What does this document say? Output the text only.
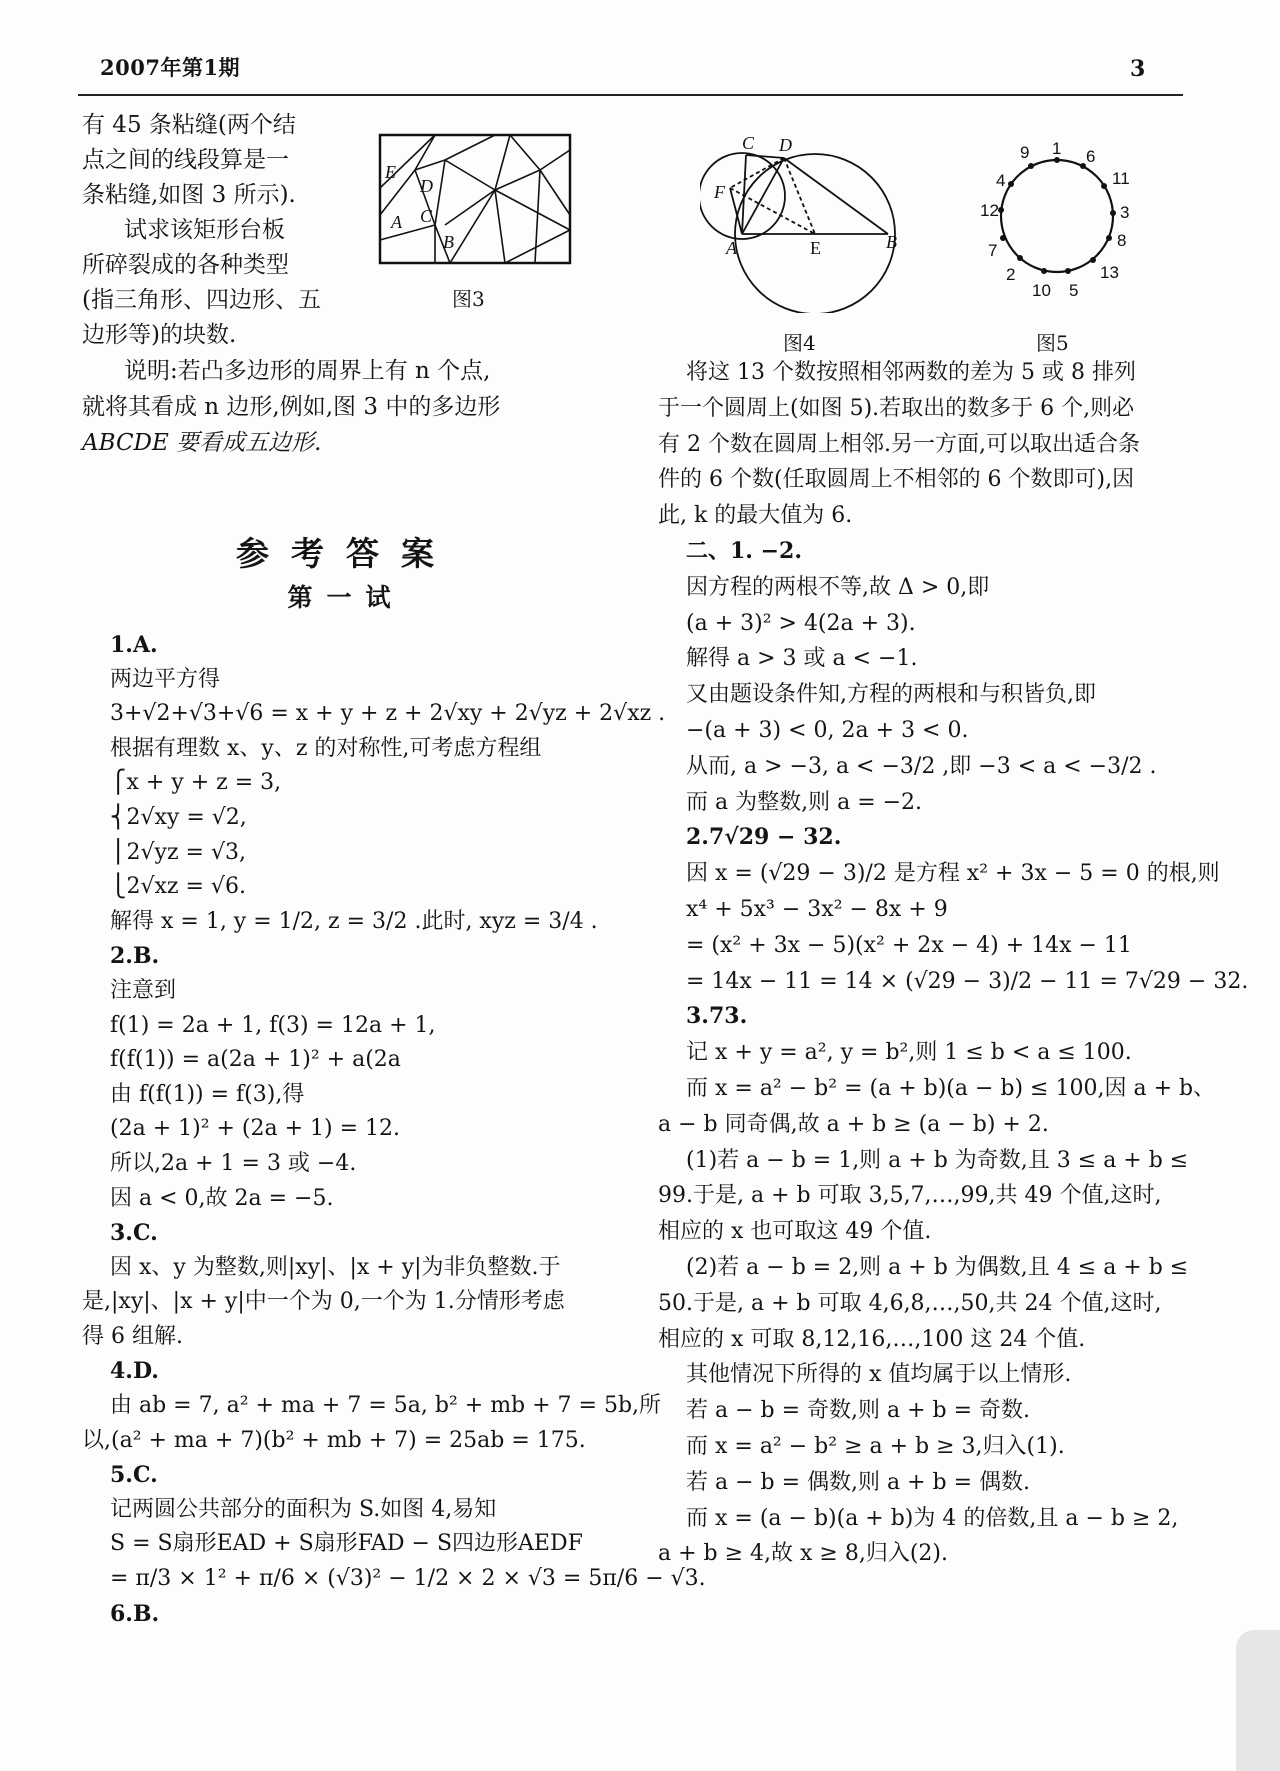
2007年第1期	3

有 45 条粘缝(两个结

点之间的线段算是一

条粘缝,如图 3 所示).

试求该矩形台板

所碎裂成的各种类型

(指三角形、四边形、五

边形等)的块数.

说明:若凸多边形的周界上有 n 个点,

就将其看成 n 边形,例如,图 3 中的多边形

ABCDE 要看成五边形.

E
D
C
A
B
图3
C D
F
A	E	B
图4
1 6
11
3
8
13
5
10
2
7
12
4
9
图5
参考答案
第一试

1.A.

两边平方得

3+√2+√3+√6 = x + y + z + 2√xy + 2√yz + 2√xz .

根据有理数 x、y、z 的对称性,可考虑方程组

⎧x + y + z = 3,

⎨2√xy = √2,

⎪2√yz = √3,

⎩2√xz = √6.

解得 x = 1, y = 1/2, z = 3/2 .此时, xyz = 3/4 .

2.B.

注意到

f(1) = 2a + 1, f(3) = 12a + 1,

f(f(1)) = a(2a + 1)² + a(2a

由 f(f(1)) = f(3),得

(2a + 1)² + (2a + 1) = 12.

所以,2a + 1 = 3 或 −4.

因 a < 0,故 2a = −5.

3.C.

因 x、y 为整数,则|xy|、|x + y|为非负整数.于

是,|xy|、|x + y|中一个为 0,一个为 1.分情形考虑

得 6 组解.

4.D.

由 ab = 7, a² + ma + 7 = 5a, b² + mb + 7 = 5b,所

以,(a² + ma + 7)(b² + mb + 7) = 25ab = 175.

5.C.

记两圆公共部分的面积为 S.如图 4,易知

S = S扇形EAD + S扇形FAD − S四边形AEDF

= π/3 × 1² + π/6 × (√3)² − 1/2 × 2 × √3 = 5π/6 − √3.

6.B.

将这 13 个数按照相邻两数的差为 5 或 8 排列

于一个圆周上(如图 5).若取出的数多于 6 个,则必

有 2 个数在圆周上相邻.另一方面,可以取出适合条

件的 6 个数(任取圆周上不相邻的 6 个数即可),因

此, k 的最大值为 6.

二、1. −2.

因方程的两根不等,故 Δ > 0,即

(a + 3)² > 4(2a + 3).

解得 a > 3 或 a < −1.

又由题设条件知,方程的两根和与积皆负,即

−(a + 3) < 0, 2a + 3 < 0.

从而, a > −3, a < −3/2 ,即 −3 < a < −3/2 .

而 a 为整数,则 a = −2.

2.7√29 − 32.

因 x = (√29 − 3)/2 是方程 x² + 3x − 5 = 0 的根,则

x⁴ + 5x³ − 3x² − 8x + 9

= (x² + 3x − 5)(x² + 2x − 4) + 14x − 11

= 14x − 11 = 14 × (√29 − 3)/2 − 11 = 7√29 − 32.

3.73.

记 x + y = a², y = b²,则 1 ≤ b < a ≤ 100.

而 x = a² − b² = (a + b)(a − b) ≤ 100,因 a + b、

a − b 同奇偶,故 a + b ≥ (a − b) + 2.

(1)若 a − b = 1,则 a + b 为奇数,且 3 ≤ a + b ≤

99.于是, a + b 可取 3,5,7,…,99,共 49 个值,这时,

相应的 x 也可取这 49 个值.

(2)若 a − b = 2,则 a + b 为偶数,且 4 ≤ a + b ≤

50.于是, a + b 可取 4,6,8,…,50,共 24 个值,这时,

相应的 x 可取 8,12,16,…,100 这 24 个值.

其他情况下所得的 x 值均属于以上情形.

若 a − b = 奇数,则 a + b = 奇数.

而 x = a² − b² ≥ a + b ≥ 3,归入(1).

若 a − b = 偶数,则 a + b = 偶数.

而 x = (a − b)(a + b)为 4 的倍数,且 a − b ≥ 2,

a + b ≥ 4,故 x ≥ 8,归入(2).
